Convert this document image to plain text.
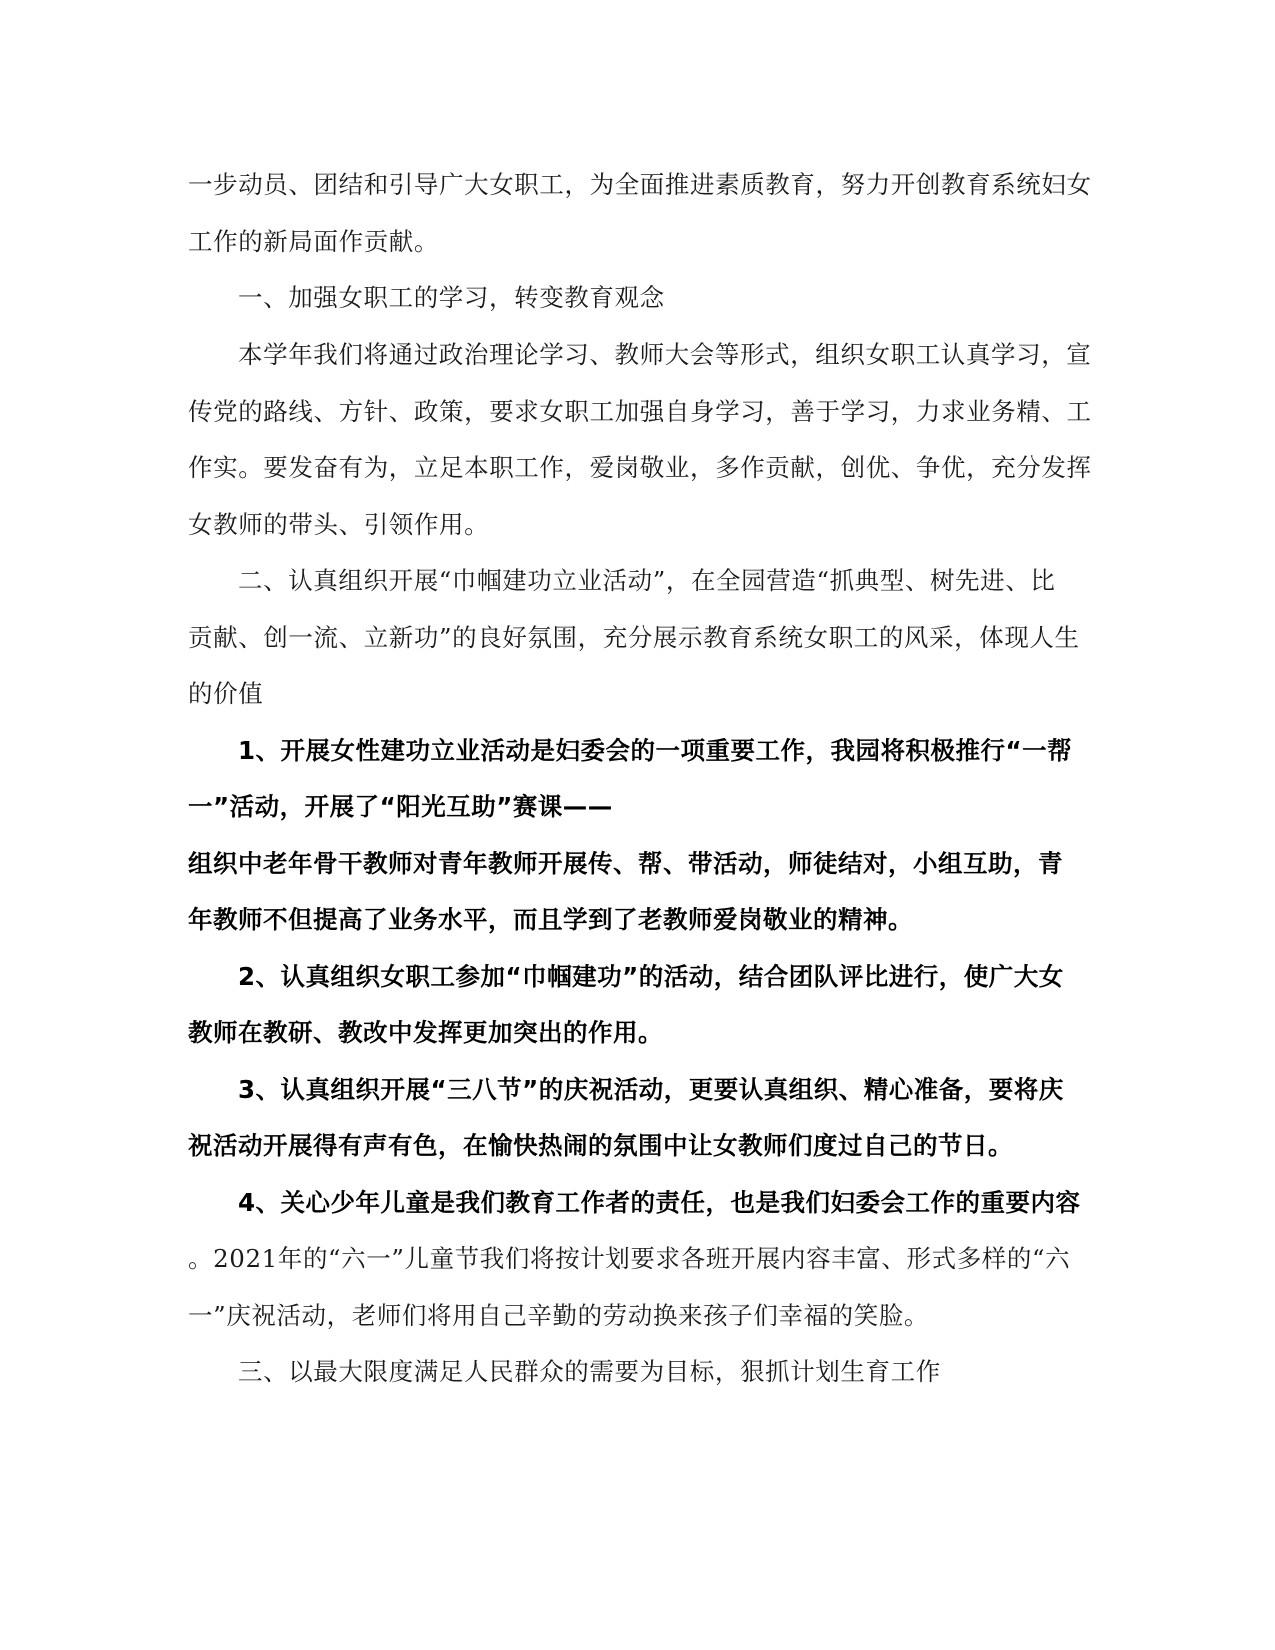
一步动员、团结和引导广大女职工，为全面推进素质教育，努力开创教育系统妇女
工作的新局面作贡献。
一、加强女职工的学习，转变教育观念
本学年我们将通过政治理论学习、教师大会等形式，组织女职工认真学习，宣
传党的路线、方针、政策，要求女职工加强自身学习，善于学习，力求业务精、工
作实。要发奋有为，立足本职工作，爱岗敬业，多作贡献，创优、争优，充分发挥
女教师的带头、引领作用。
二、认真组织开展“巾帼建功立业活动”，在全园营造“抓典型、树先进、比
贡献、创一流、立新功”的良好氛围，充分展示教育系统女职工的风采，体现人生
的价值
1、开展女性建功立业活动是妇委会的一项重要工作，我园将积极推行“一帮
一”活动，开展了“阳光互助”赛课——
组织中老年骨干教师对青年教师开展传、帮、带活动，师徒结对，小组互助，青
年教师不但提高了业务水平，而且学到了老教师爱岗敬业的精神。
2、认真组织女职工参加“巾帼建功”的活动，结合团队评比进行，使广大女
教师在教研、教改中发挥更加突出的作用。
3、认真组织开展“三八节”的庆祝活动，更要认真组织、精心准备，要将庆
祝活动开展得有声有色，在愉快热闹的氛围中让女教师们度过自己的节日。
4、关心少年儿童是我们教育工作者的责任，也是我们妇委会工作的重要内容
。2021年的“六一”儿童节我们将按计划要求各班开展内容丰富、形式多样的“六
一”庆祝活动，老师们将用自己辛勤的劳动换来孩子们幸福的笑脸。
三、以最大限度满足人民群众的需要为目标，狠抓计划生育工作
